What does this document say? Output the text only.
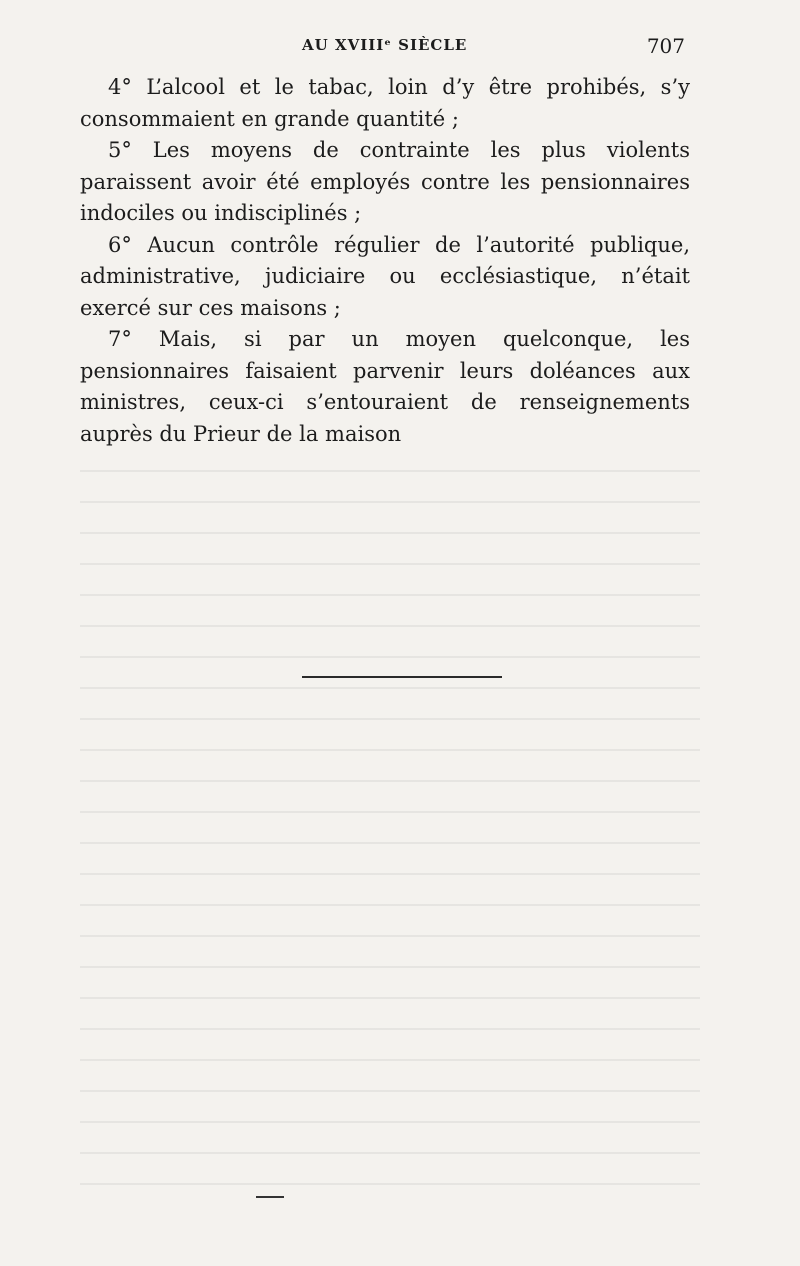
AU XVIIIᵉ SIÈCLE	707

4° L’alcool et le tabac, loin d’y être prohibés, s’y consommaient en grande quantité ;

5° Les moyens de contrainte les plus violents paraissent avoir été employés contre les pensionnaires indociles ou indisciplinés ;

6° Aucun contrôle régulier de l’autorité publique, administrative, judiciaire ou ecclésiastique, n’était exercé sur ces maisons ;

7° Mais, si par un moyen quelconque, les pensionnaires faisaient parvenir leurs doléances aux ministres, ceux-ci s’entouraient de renseignements auprès du Prieur de la maison
